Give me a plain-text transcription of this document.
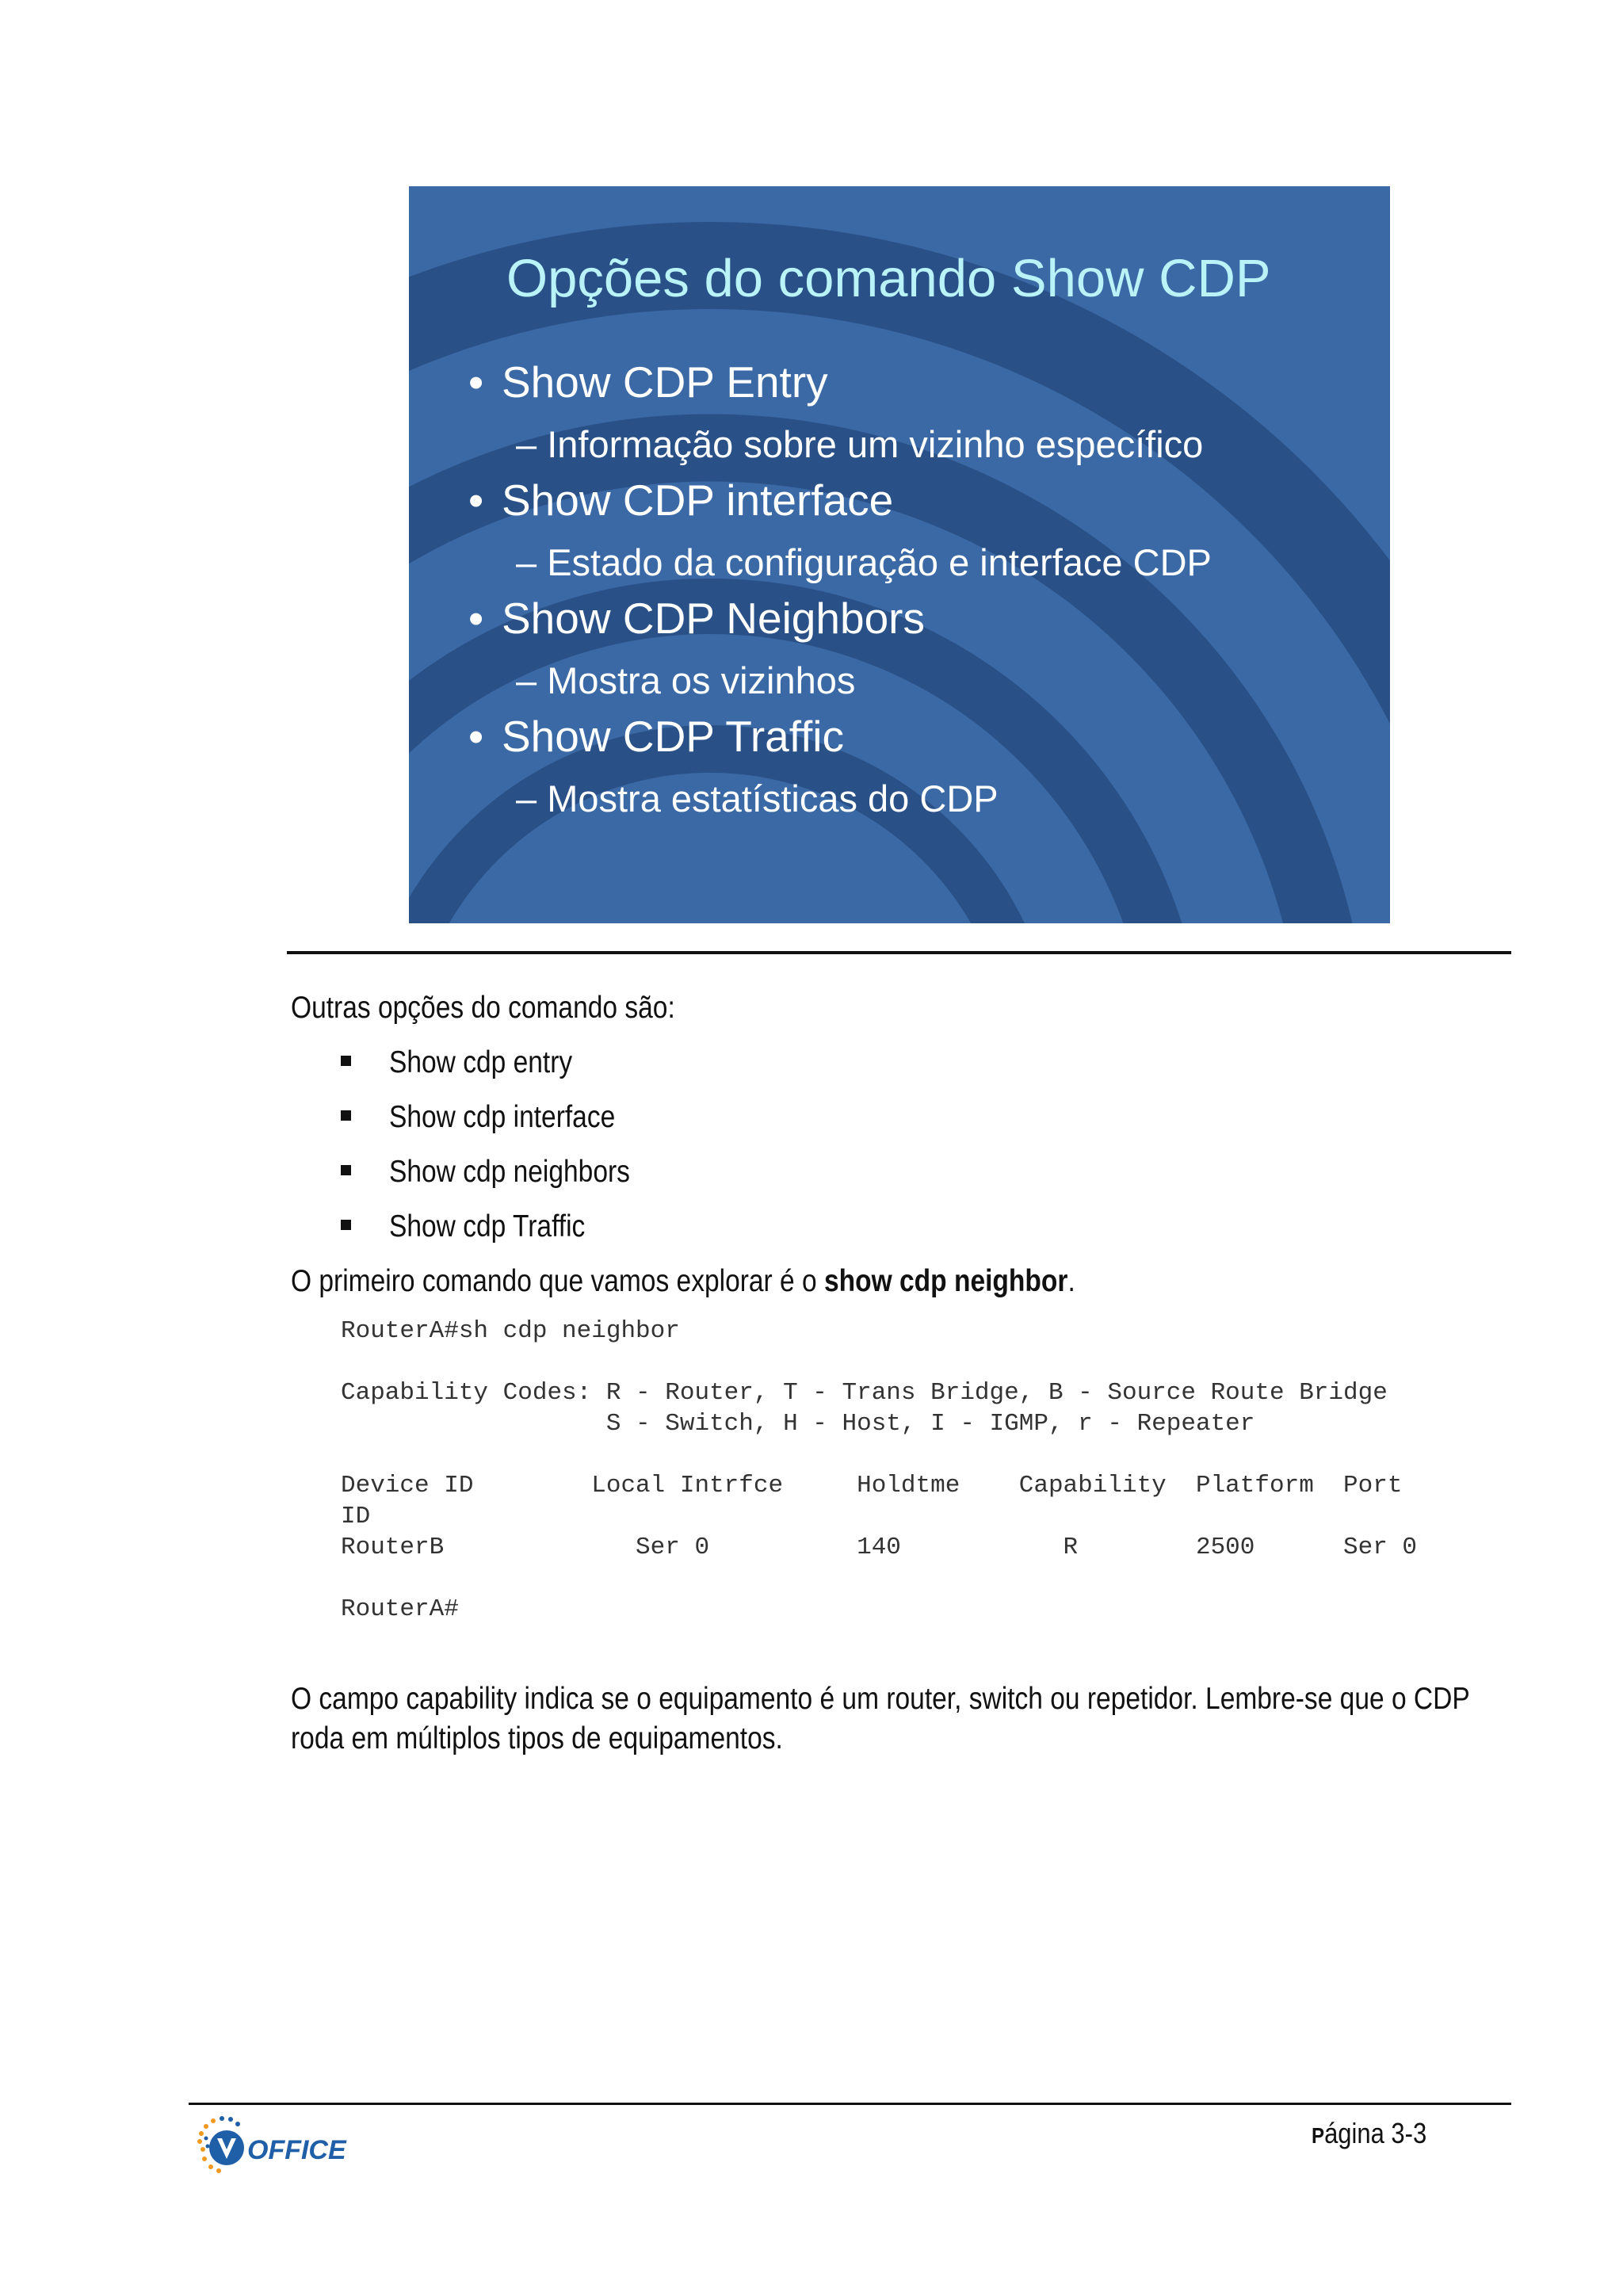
Opções do comando Show CDP
• Show CDP Entry
– Informação sobre um vizinho específico
• Show CDP interface
– Estado da configuração e interface CDP
• Show CDP Neighbors
– Mostra os vizinhos
• Show CDP Traffic
– Mostra estatísticas do CDP
Outras opções do comando são:
Show cdp entry
Show cdp interface
Show cdp neighbors
Show cdp Traffic
O primeiro comando que vamos explorar é o show cdp neighbor.
RouterA#sh cdp neighbor
Capability Codes: R - Router, T - Trans Bridge, B - Source Route Bridge
S - Switch, H - Host, I - IGMP, r - Repeater
Device ID        Local Intrfce     Holdtme    Capability  Platform  Port
ID
RouterB             Ser 0          140           R        2500      Ser 0
RouterA#
O campo capability indica se o equipamento é um router, switch ou repetidor. Lembre-se que o CDP
roda em múltiplos tipos de equipamentos.
OFFICE	Página 3-3
